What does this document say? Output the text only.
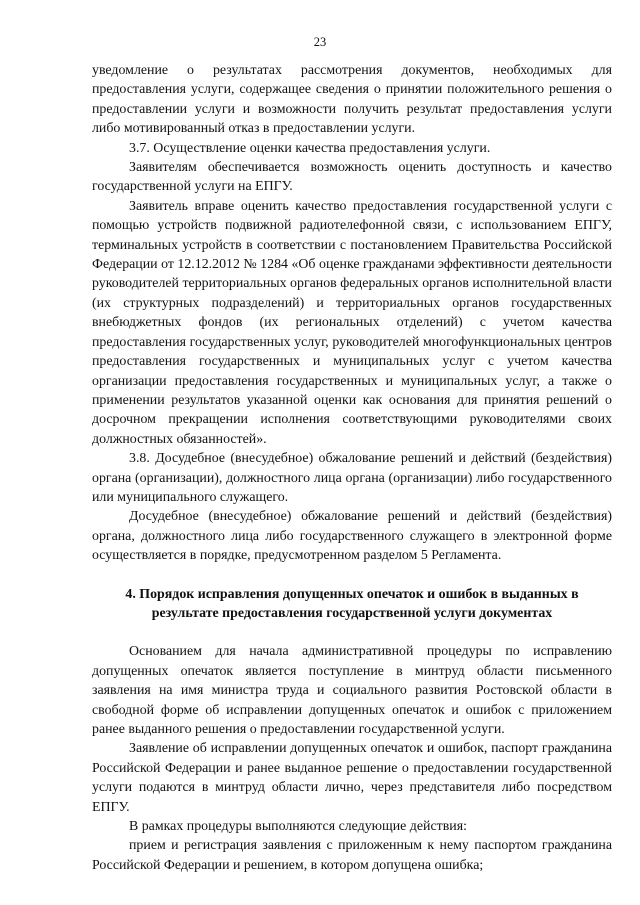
23

уведомление о результатах рассмотрения документов, необходимых для предоставления услуги, содержащее сведения о принятии положительного решения о предоставлении услуги и возможности получить результат предоставления услуги либо мотивированный отказ в предоставлении услуги.

3.7. Осуществление оценки качества предоставления услуги.

Заявителям обеспечивается возможность оценить доступность и качество государственной услуги на ЕПГУ.

Заявитель вправе оценить качество предоставления государственной услуги с помощью устройств подвижной радиотелефонной связи, с использованием ЕПГУ, терминальных устройств в соответствии с постановлением Правительства Российской Федерации от 12.12.2012 № 1284 «Об оценке гражданами эффективности деятельности руководителей территориальных органов федеральных органов исполнительной власти (их структурных подразделений) и территориальных органов государственных внебюджетных фондов (их региональных отделений) с учетом качества предоставления государственных услуг, руководителей многофункциональных центров предоставления государственных и муниципальных услуг с учетом качества организации предоставления государственных и муниципальных услуг, а также о применении результатов указанной оценки как основания для принятия решений о досрочном прекращении исполнения соответствующими руководителями своих должностных обязанностей».

3.8. Досудебное (внесудебное) обжалование решений и действий (бездействия) органа (организации), должностного лица органа (организации) либо государственного или муниципального служащего.

Досудебное (внесудебное) обжалование решений и действий (бездействия) органа, должностного лица либо государственного служащего в электронной форме осуществляется в порядке, предусмотренном разделом 5 Регламента.

4. Порядок исправления допущенных опечаток и ошибок в выданных в результате предоставления государственной услуги документах

Основанием для начала административной процедуры по исправлению допущенных опечаток является поступление в минтруд области письменного заявления на имя министра труда и социального развития Ростовской области в свободной форме об исправлении допущенных опечаток и ошибок с приложением ранее выданного решения о предоставлении государственной услуги.

Заявление об исправлении допущенных опечаток и ошибок, паспорт гражданина Российской Федерации и ранее выданное решение о предоставлении государственной услуги подаются в минтруд области лично, через представителя либо посредством ЕПГУ.

В рамках процедуры выполняются следующие действия:

прием и регистрация заявления с приложенным к нему паспортом гражданина Российской Федерации и решением, в котором допущена ошибка;
